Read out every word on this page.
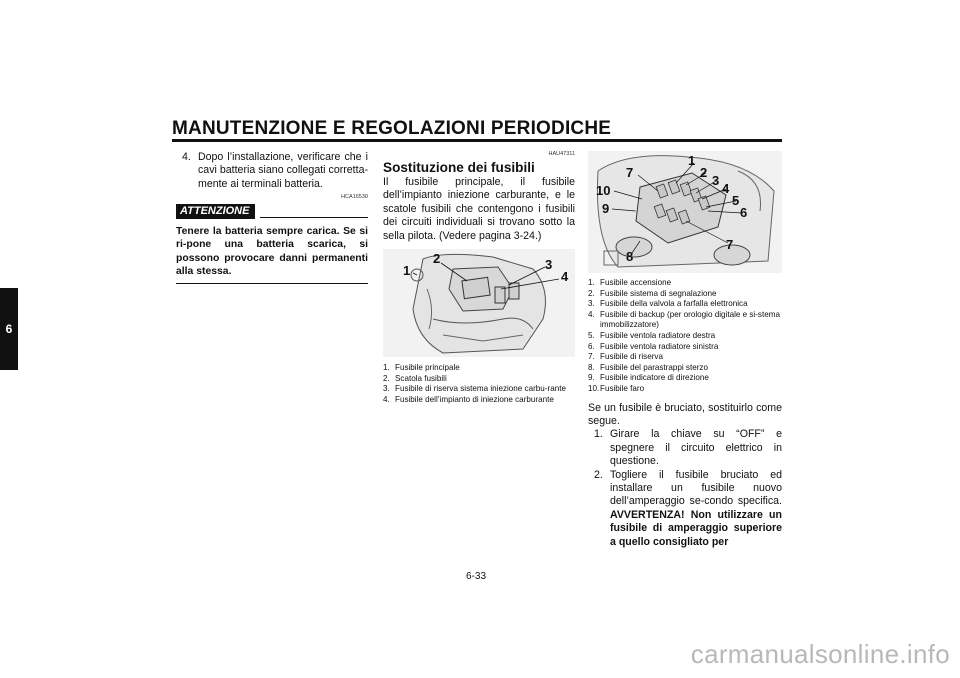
MANUTENZIONE E REGOLAZIONI PERIODICHE
6
4. Dopo l’installazione, verificare che i cavi batteria siano collegati corretta-mente ai terminali batteria.
HCA16530
ATTENZIONE
Tenere la batteria sempre carica. Se si ri-pone una batteria scarica, si possono provocare danni permanenti alla stessa.
HAU47311
Sostituzione dei fusibili
Il fusibile principale, il fusibile dell’impianto iniezione carburante, e le scatole fusibili che contengono i fusibili dei circuiti individuali si trovano sotto la sella pilota. (Vedere pagina 3-24.)
1
2	3
4
1. Fusibile principale
2. Scatola fusibili
3. Fusibile di riserva sistema iniezione carbu-rante
4. Fusibile dell’impianto di iniezione carburante
1
2
3
4
5
6
7
7
8
9
10
1. Fusibile accensione
2. Fusibile sistema di segnalazione
3. Fusibile della valvola a farfalla elettronica
4. Fusibile di backup (per orologio digitale e si-stema immobilizzatore)
5. Fusibile ventola radiatore destra
6. Fusibile ventola radiatore sinistra
7. Fusibile di riserva
8. Fusibile del parastrappi sterzo
9. Fusibile indicatore di direzione
10. Fusibile faro
Se un fusibile è bruciato, sostituirlo come segue.
1. Girare la chiave su “OFF” e spegnere il circuito elettrico in questione.
2. Togliere il fusibile bruciato ed installare un fusibile nuovo dell’amperaggio se-condo specifica. AVVERTENZA! Non utilizzare un fusibile di amperaggio superiore a quello consigliato per
6-33
carmanualsonline.info
